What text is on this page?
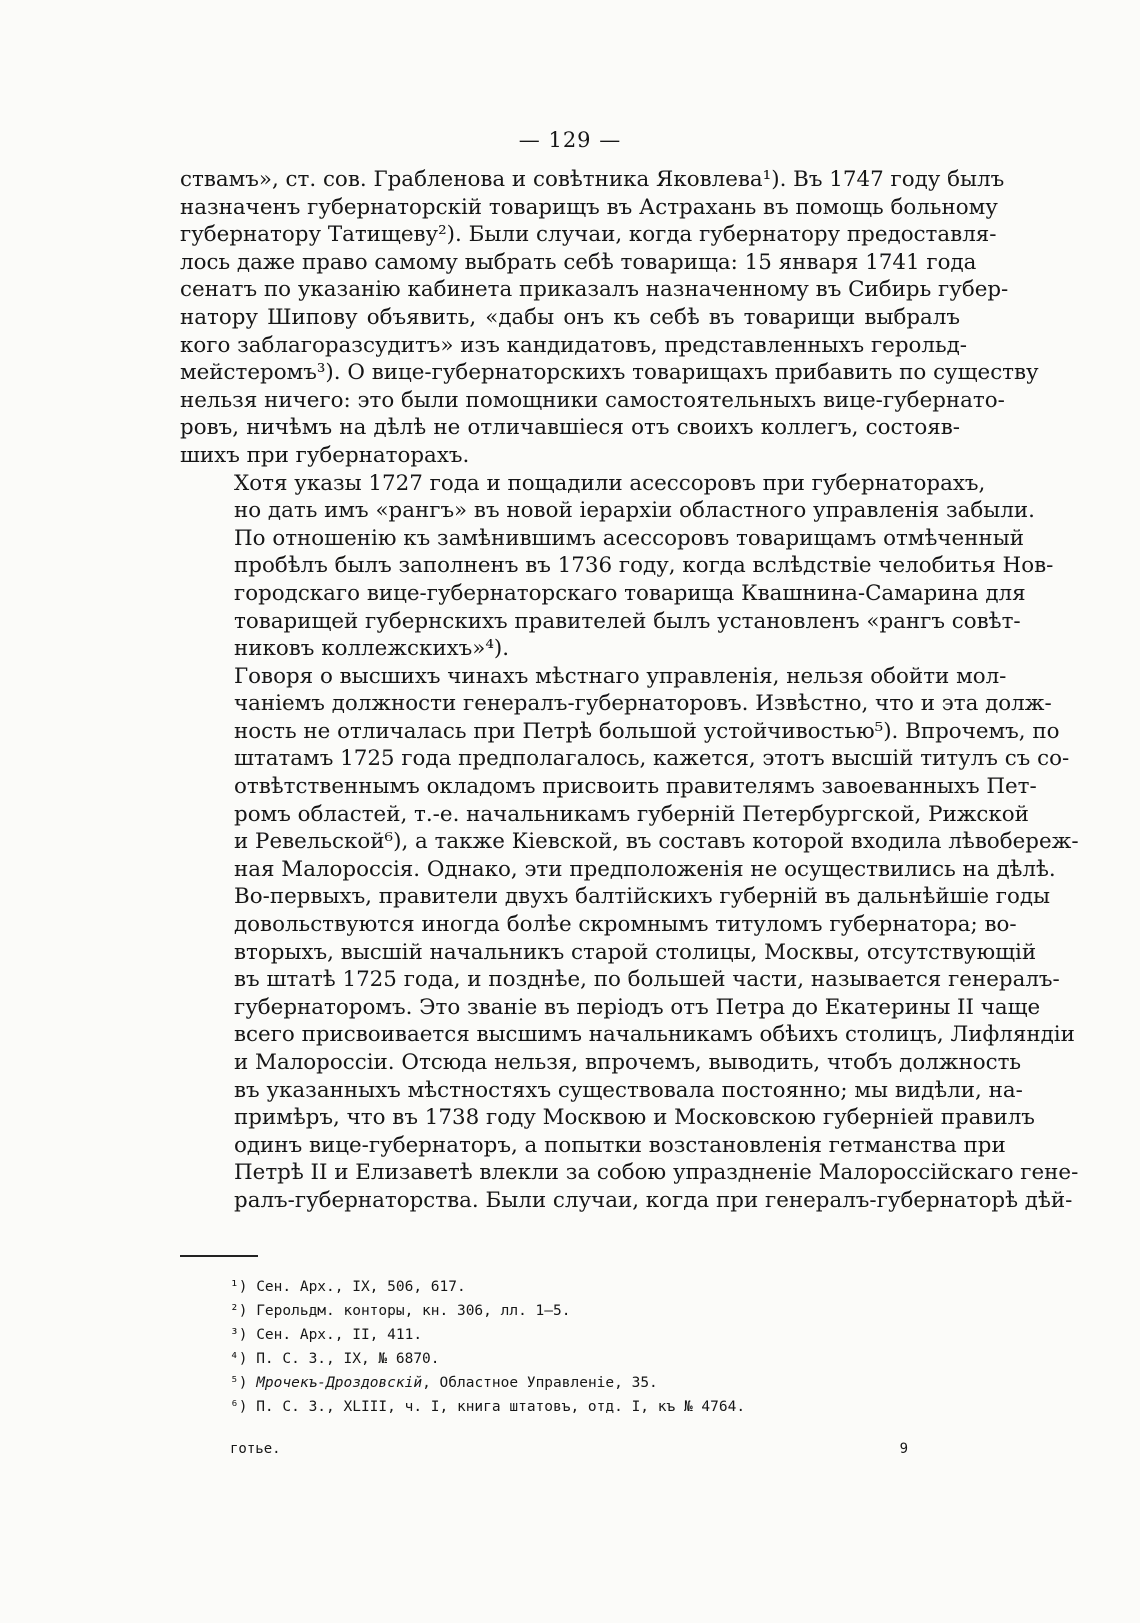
— 129 —

ствамъ», ст. сов. Грабленова и совѣтника Яковлева¹). Въ 1747 году былъ
назначенъ губернаторскій товарищъ въ Астрахань въ помощь больному
губернатору Татищеву²). Были случаи, когда губернатору предоставля-
лось даже право самому выбрать себѣ товарища: 15 января 1741 года
сенатъ по указанію кабинета приказалъ назначенному въ Сибирь губер-
натору Шипову объявить, «дабы онъ къ себѣ въ товарищи выбралъ
кого заблагоразсудитъ» изъ кандидатовъ, представленныхъ герольд-
мейстеромъ³). О вице-губернаторскихъ товарищахъ прибавить по существу
нельзя ничего: это были помощники самостоятельныхъ вице-губернато-
ровъ, ничѣмъ на дѣлѣ не отличавшіеся отъ своихъ коллегъ, состояв-
шихъ при губернаторахъ.

Хотя указы 1727 года и пощадили асессоровъ при губернаторахъ,
но дать имъ «рангъ» въ новой іерархіи областного управленія забыли.
По отношенію къ замѣнившимъ асессоровъ товарищамъ отмѣченный
пробѣлъ былъ заполненъ въ 1736 году, когда вслѣдствіе челобитья Нов-
городскаго вице-губернаторскаго товарища Квашнина-Самарина для
товарищей губернскихъ правителей былъ установленъ «рангъ совѣт-
никовъ коллежскихъ»⁴).

Говоря о высшихъ чинахъ мѣстнаго управленія, нельзя обойти мол-
чаніемъ должности генералъ-губернаторовъ. Извѣстно, что и эта долж-
ность не отличалась при Петрѣ большой устойчивостью⁵). Впрочемъ, по
штатамъ 1725 года предполагалось, кажется, этотъ высшій титулъ съ со-
отвѣтственнымъ окладомъ присвоить правителямъ завоеванныхъ Пет-
ромъ областей, т.-е. начальникамъ губерній Петербургской, Рижской
и Ревельской⁶), а также Кіевской, въ составъ которой входила лѣвобереж-
ная Малороссія. Однако, эти предположенія не осуществились на дѣлѣ.
Во-первыхъ, правители двухъ балтійскихъ губерній въ дальнѣйшіе годы
довольствуются иногда болѣе скромнымъ титуломъ губернатора; во-
вторыхъ, высшій начальникъ старой столицы, Москвы, отсутствующій
въ штатѣ 1725 года, и позднѣе, по большей части, называется генералъ-
губернаторомъ. Это званіе въ періодъ отъ Петра до Екатерины II чаще
всего присвоивается высшимъ начальникамъ обѣихъ столицъ, Лифляндіи
и Малороссіи. Отсюда нельзя, впрочемъ, выводить, чтобъ должность
въ указанныхъ мѣстностяхъ существовала постоянно; мы видѣли, на-
примѣръ, что въ 1738 году Москвою и Московскою губерніей правилъ
одинъ вице-губернаторъ, а попытки возстановленія гетманства при
Петрѣ II и Елизаветѣ влекли за собою упраздненіе Малороссійскаго гене-
ралъ-губернаторства. Были случаи, когда при генералъ-губернаторѣ дѣй-

¹) Сен. Арх., IX, 506, 617.
²) Герольдм. конторы, кн. 306, лл. 1—5.
³) Сен. Арх., II, 411.
⁴) П. С. З., IX, № 6870.
⁵) Мрочекъ-Дроздовскій, Областное Управленіе, 35.
⁶) П. С. З., XLIII, ч. I, книга штатовъ, отд. I, къ № 4764.
готье.	9
